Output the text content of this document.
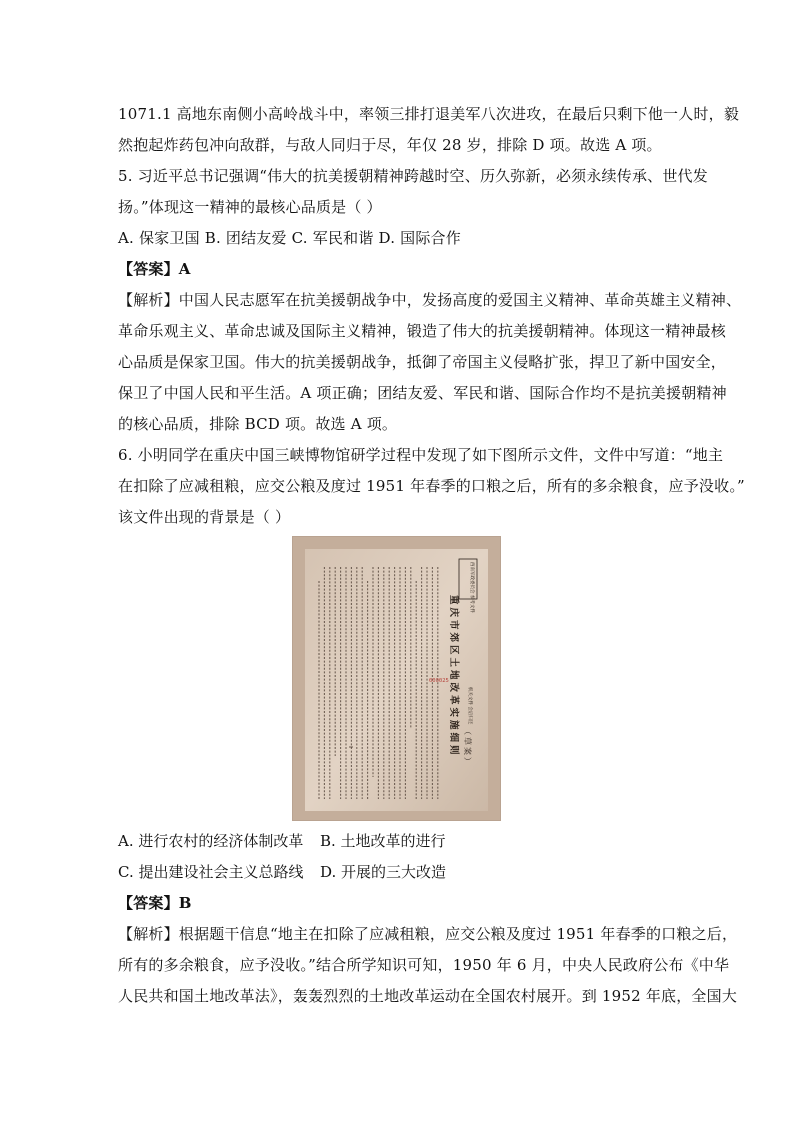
1071.1 高地东南侧小高岭战斗中，率领三排打退美军八次进攻，在最后只剩下他一人时，毅
然抱起炸药包冲向敌群，与敌人同归于尽，年仅 28 岁，排除 D 项。故选 A 项。
5. 习近平总书记强调“伟大的抗美援朝精神跨越时空、历久弥新，必须永续传承、世代发
扬。”体现这一精神的最核心品质是（ ）
A. 保家卫国 B. 团结友爱 C. 军民和谐 D. 国际合作
【答案】A
【解析】中国人民志愿军在抗美援朝战争中，发扬高度的爱国主义精神、革命英雄主义精神、
革命乐观主义、革命忠诚及国际主义精神，锻造了伟大的抗美援朝精神。体现这一精神最核
心品质是保家卫国。伟大的抗美援朝战争，抵御了帝国主义侵略扩张，捍卫了新中国安全，
保卫了中国人民和平生活。A 项正确；团结友爱、军民和谐、国际合作均不是抗美援朝精神
的核心品质，排除 BCD 项。故选 A 项。
6. 小明同学在重庆中国三峡博物馆研学过程中发现了如下图所示文件，文件中写道：“地主
在扣除了应减租粮，应交公粮及度过 1951 年春季的口粮之后，所有的多余粮食，应予没收。”
该文件出现的背景是（ ）
重庆市郊区土地改革实施细则 （草案）
西南军政委员会 参考文件
000025
机关文件 会后归还
A. 进行农村的经济体制改革 B. 土地改革的进行
C. 提出建设社会主义总路线 D. 开展的三大改造
【答案】B
【解析】根据题干信息“地主在扣除了应减租粮，应交公粮及度过 1951 年春季的口粮之后，
所有的多余粮食，应予没收。”结合所学知识可知，1950 年 6 月，中央人民政府公布《中华
人民共和国土地改革法》，轰轰烈烈的土地改革运动在全国农村展开。到 1952 年底，全国大
